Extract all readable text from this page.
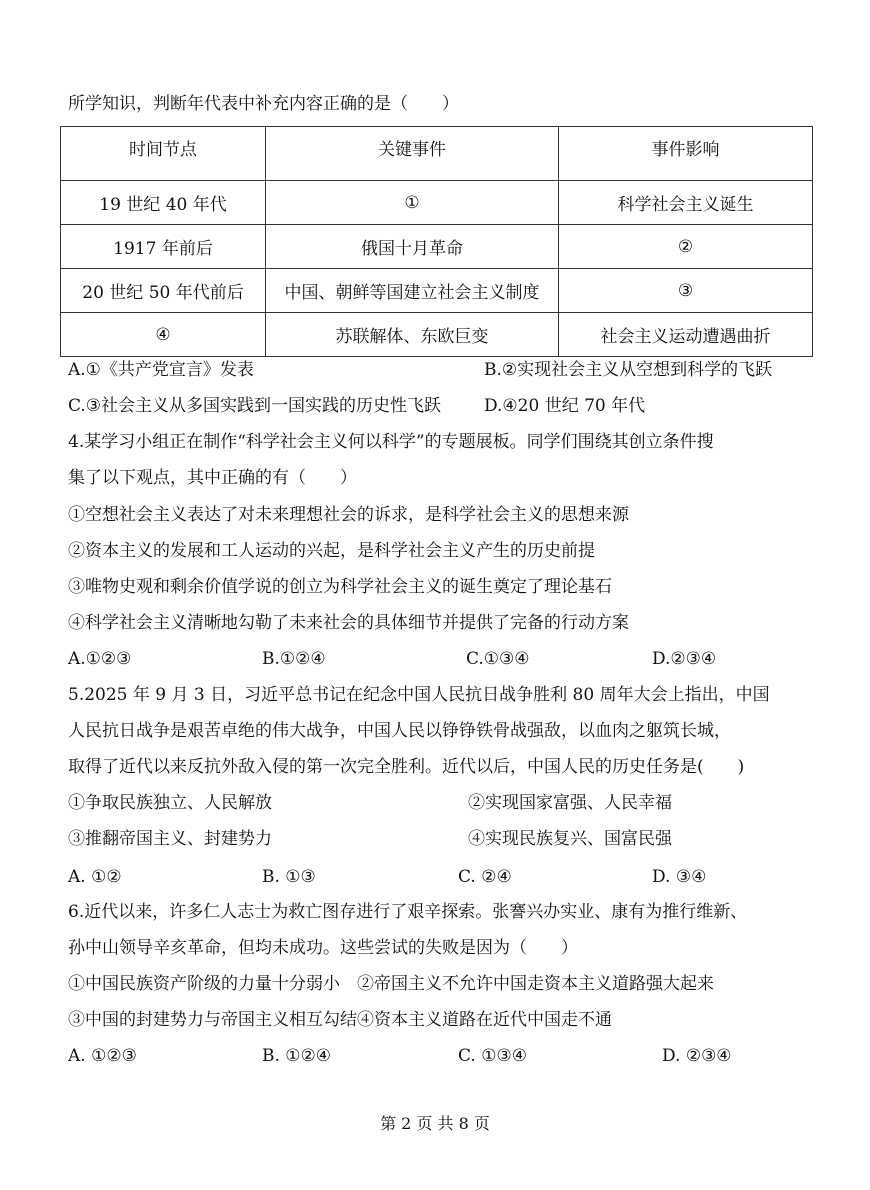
所学知识，判断年代表中补充内容正确的是（　　）
时间节点	关键事件	事件影响
19 世纪 40 年代	①	科学社会主义诞生
1917 年前后	俄国十月革命	②
20 世纪 50 年代前后	中国、朝鲜等国建立社会主义制度	③
④	苏联解体、东欧巨变	社会主义运动遭遇曲折
A.①《共产党宣言》发表	B.②实现社会主义从空想到科学的飞跃
C.③社会主义从多国实践到一国实践的历史性飞跃	D.④20 世纪 70 年代
4.某学习小组正在制作“科学社会主义何以科学”的专题展板。同学们围绕其创立条件搜
集了以下观点，其中正确的有（　　）
①空想社会主义表达了对未来理想社会的诉求，是科学社会主义的思想来源
②资本主义的发展和工人运动的兴起，是科学社会主义产生的历史前提
③唯物史观和剩余价值学说的创立为科学社会主义的诞生奠定了理论基石
④科学社会主义清晰地勾勒了未来社会的具体细节并提供了完备的行动方案
A.①②③	B.①②④	C.①③④	D.②③④
5.2025 年 9 月 3 日，习近平总书记在纪念中国人民抗日战争胜利 80 周年大会上指出，中国
人民抗日战争是艰苦卓绝的伟大战争，中国人民以铮铮铁骨战强敌，以血肉之躯筑长城，
取得了近代以来反抗外敌入侵的第一次完全胜利。近代以后，中国人民的历史任务是(　　)
①争取民族独立、人民解放	②实现国家富强、人民幸福
③推翻帝国主义、封建势力	④实现民族复兴、国富民强
A. ①②	B. ①③	C. ②④	D. ③④
6.近代以来，许多仁人志士为救亡图存进行了艰辛探索。张謇兴办实业、康有为推行维新、
孙中山领导辛亥革命，但均未成功。这些尝试的失败是因为（　　）
①中国民族资产阶级的力量十分弱小　②帝国主义不允许中国走资本主义道路强大起来
③中国的封建势力与帝国主义相互勾结④资本主义道路在近代中国走不通
A. ①②③	B. ①②④	C. ①③④	D. ②③④
第 2 页 共 8 页
